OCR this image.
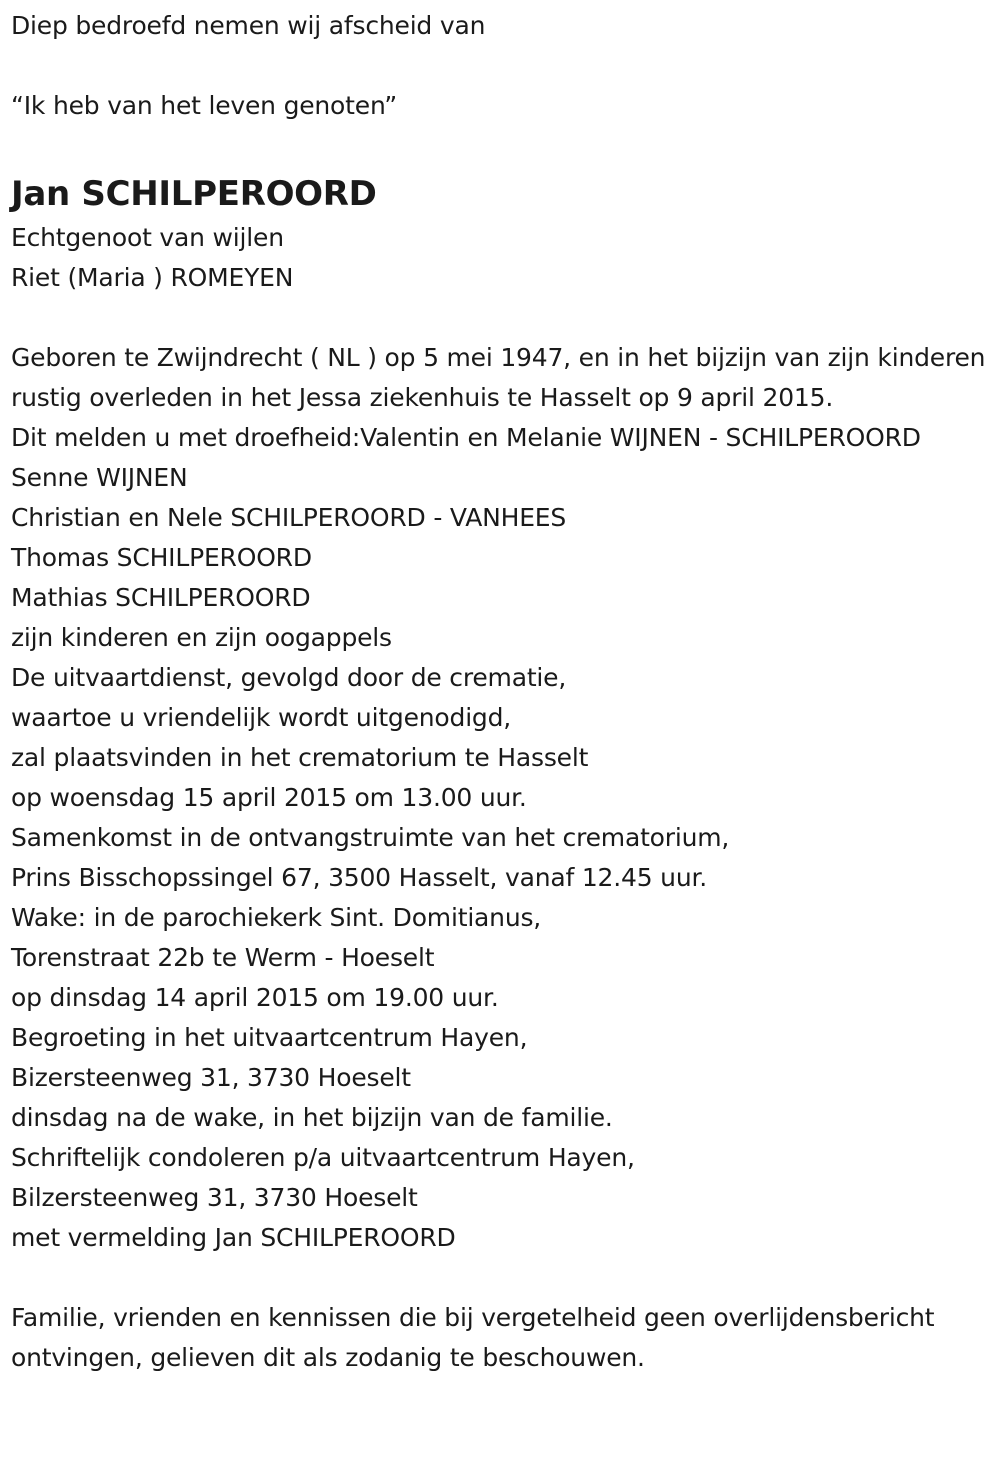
Diep bedroefd nemen wij afscheid van
“Ik heb van het leven genoten”
Jan SCHILPEROORD
Echtgenoot van wijlen
Riet (Maria ) ROMEYEN
Geboren te Zwijndrecht ( NL ) op 5 mei 1947, en in het bijzijn van zijn kinderen rustig overleden in het Jessa ziekenhuis te Hasselt op 9 april 2015.
Dit melden u met droefheid:Valentin en Melanie WIJNEN - SCHILPEROORD
Senne WIJNEN
Christian en Nele SCHILPEROORD - VANHEES
Thomas SCHILPEROORD
Mathias SCHILPEROORD
zijn kinderen en zijn oogappels
De uitvaartdienst, gevolgd door de crematie,
waartoe u vriendelijk wordt uitgenodigd,
zal plaatsvinden in het crematorium te Hasselt
op woensdag 15 april 2015 om 13.00 uur.
Samenkomst in de ontvangstruimte van het crematorium,
Prins Bisschopssingel 67, 3500 Hasselt, vanaf 12.45 uur.
Wake: in de parochiekerk Sint. Domitianus,
Torenstraat 22b te Werm - Hoeselt
op dinsdag 14 april 2015 om 19.00 uur.
Begroeting in het uitvaartcentrum Hayen,
Bizersteenweg 31, 3730 Hoeselt
dinsdag na de wake, in het bijzijn van de familie.
Schriftelijk condoleren p/a uitvaartcentrum Hayen,
Bilzersteenweg 31, 3730 Hoeselt
met vermelding Jan SCHILPEROORD
Familie, vrienden en kennissen die bij vergetelheid geen overlijdensbericht ontvingen, gelieven dit als zodanig te beschouwen.
